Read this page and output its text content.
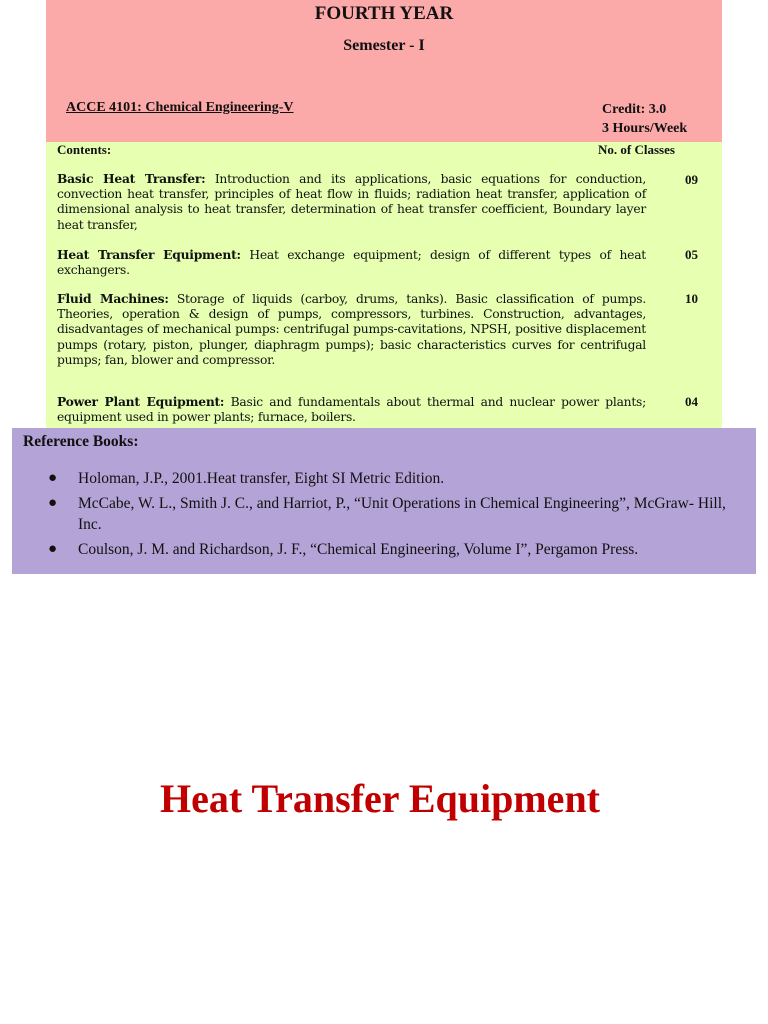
FOURTH YEAR
Semester - I
ACCE 4101: Chemical Engineering-V	Credit: 3.0
3 Hours/Week
Contents:	No. of Classes
Basic Heat Transfer: Introduction and its applications, basic equations for conduction, convection heat transfer, principles of heat flow in fluids; radiation heat transfer, application of dimensional analysis to heat transfer, determination of heat transfer coefficient, Boundary layer heat transfer,
09
Heat Transfer Equipment: Heat exchange equipment; design of different types of heat exchangers.
05
Fluid Machines: Storage of liquids (carboy, drums, tanks). Basic classification of pumps. Theories, operation & design of pumps, compressors, turbines. Construction, advantages, disadvantages of mechanical pumps: centrifugal pumps-cavitations, NPSH, positive displacement pumps (rotary, piston, plunger, diaphragm pumps); basic characteristics curves for centrifugal pumps; fan, blower and compressor.
10
Power Plant Equipment: Basic and fundamentals about thermal and nuclear power plants; equipment used in power plants; furnace, boilers.
04
Reference Books:
● Holoman, J.P., 2001.Heat transfer, Eight SI Metric Edition.
● McCabe, W. L., Smith J. C., and Harriot, P., “Unit Operations in Chemical Engineering”, McGraw- Hill, Inc.
● Coulson, J. M. and Richardson, J. F., “Chemical Engineering, Volume I”, Pergamon Press.
Heat Transfer Equipment
